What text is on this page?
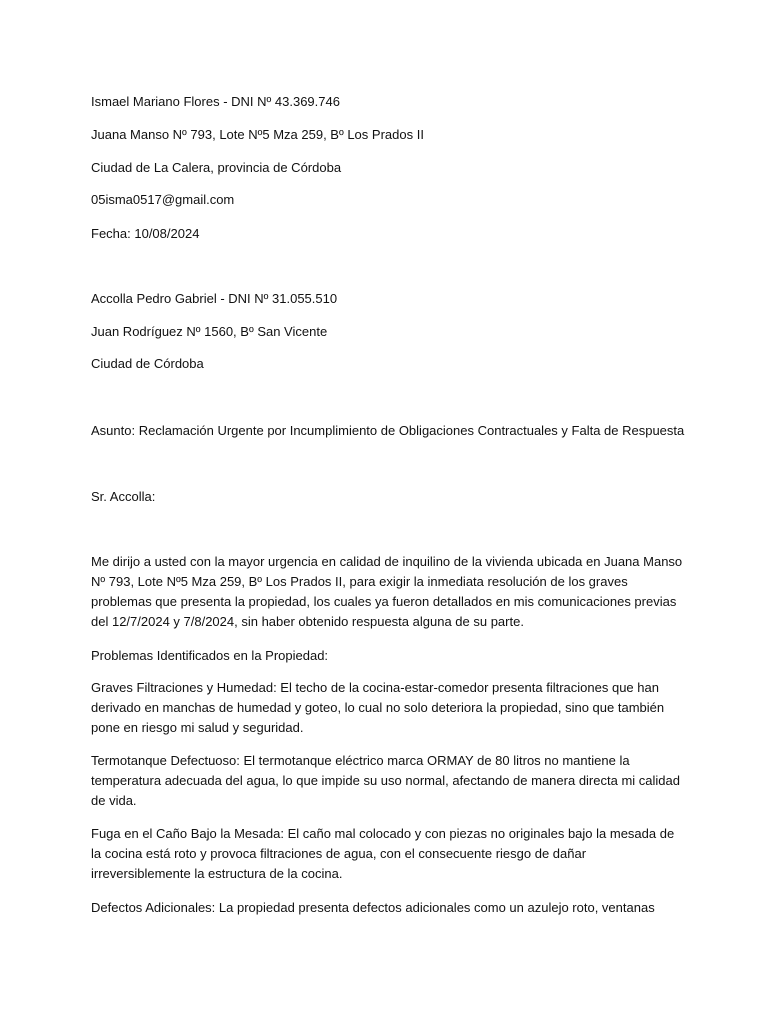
Ismael Mariano Flores - DNI Nº 43.369.746

Juana Manso Nº 793, Lote Nº5 Mza 259, Bº Los Prados II

Ciudad de La Calera, provincia de Córdoba

05isma0517@gmail.com

Fecha: 10/08/2024

Accolla Pedro Gabriel - DNI Nº 31.055.510

Juan Rodríguez Nº 1560, Bº San Vicente

Ciudad de Córdoba

Asunto: Reclamación Urgente por Incumplimiento de Obligaciones Contractuales y Falta de Respuesta

Sr. Accolla:

Me dirijo a usted con la mayor urgencia en calidad de inquilino de la vivienda ubicada en Juana Manso Nº 793, Lote Nº5 Mza 259, Bº Los Prados II, para exigir la inmediata resolución de los graves problemas que presenta la propiedad, los cuales ya fueron detallados en mis comunicaciones previas del 12/7/2024 y 7/8/2024, sin haber obtenido respuesta alguna de su parte.

Problemas Identificados en la Propiedad:

Graves Filtraciones y Humedad: El techo de la cocina-estar-comedor presenta filtraciones que han derivado en manchas de humedad y goteo, lo cual no solo deteriora la propiedad, sino que también pone en riesgo mi salud y seguridad.

Termotanque Defectuoso: El termotanque eléctrico marca ORMAY de 80 litros no mantiene la temperatura adecuada del agua, lo que impide su uso normal, afectando de manera directa mi calidad de vida.

Fuga en el Caño Bajo la Mesada: El caño mal colocado y con piezas no originales bajo la mesada de la cocina está roto y provoca filtraciones de agua, con el consecuente riesgo de dañar irreversiblemente la estructura de la cocina.

Defectos Adicionales: La propiedad presenta defectos adicionales como un azulejo roto, ventanas
